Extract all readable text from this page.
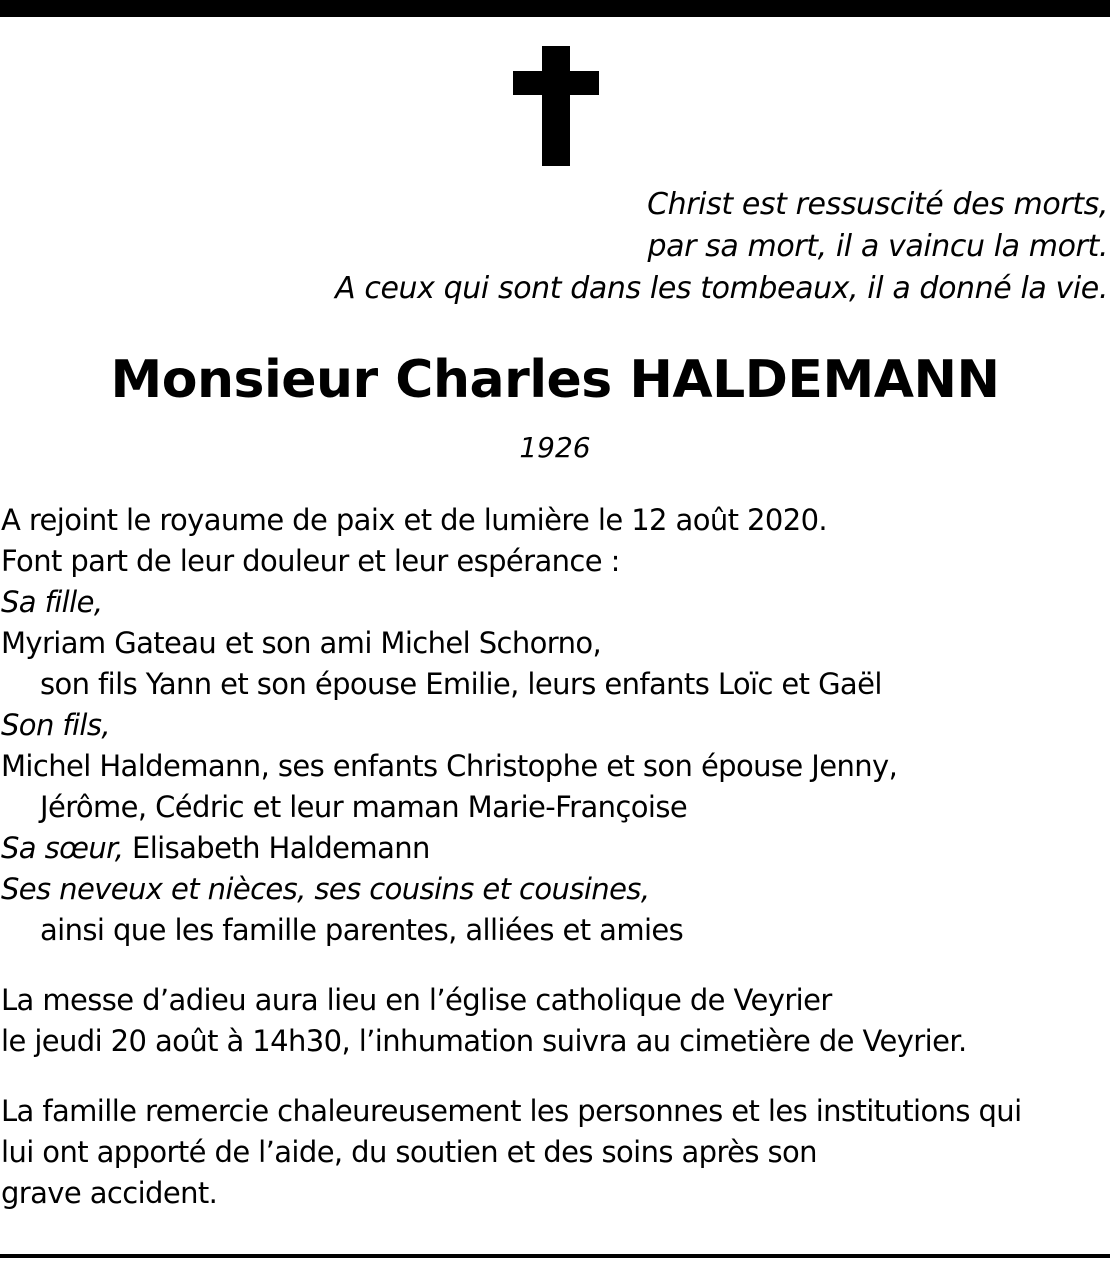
Christ est ressuscité des morts,
par sa mort, il a vaincu la mort.
A ceux qui sont dans les tombeaux, il a donné la vie.
Monsieur Charles HALDEMANN
1926
A rejoint le royaume de paix et de lumière le 12 août 2020.
Font part de leur douleur et leur espérance :
Sa fille,
Myriam Gateau et son ami Michel Schorno,
son fils Yann et son épouse Emilie, leurs enfants Loïc et Gaël
Son fils,
Michel Haldemann, ses enfants Christophe et son épouse Jenny,
Jérôme, Cédric et leur maman Marie-Françoise
Sa sœur, Elisabeth Haldemann
Ses neveux et nièces, ses cousins et cousines,
ainsi que les famille parentes, alliées et amies
La messe d’adieu aura lieu en l’église catholique de Veyrier
le jeudi 20 août à 14h30, l’inhumation suivra au cimetière de Veyrier.
La famille remercie chaleureusement les personnes et les institutions qui
lui ont apporté de l’aide, du soutien et des soins après son
grave accident.
